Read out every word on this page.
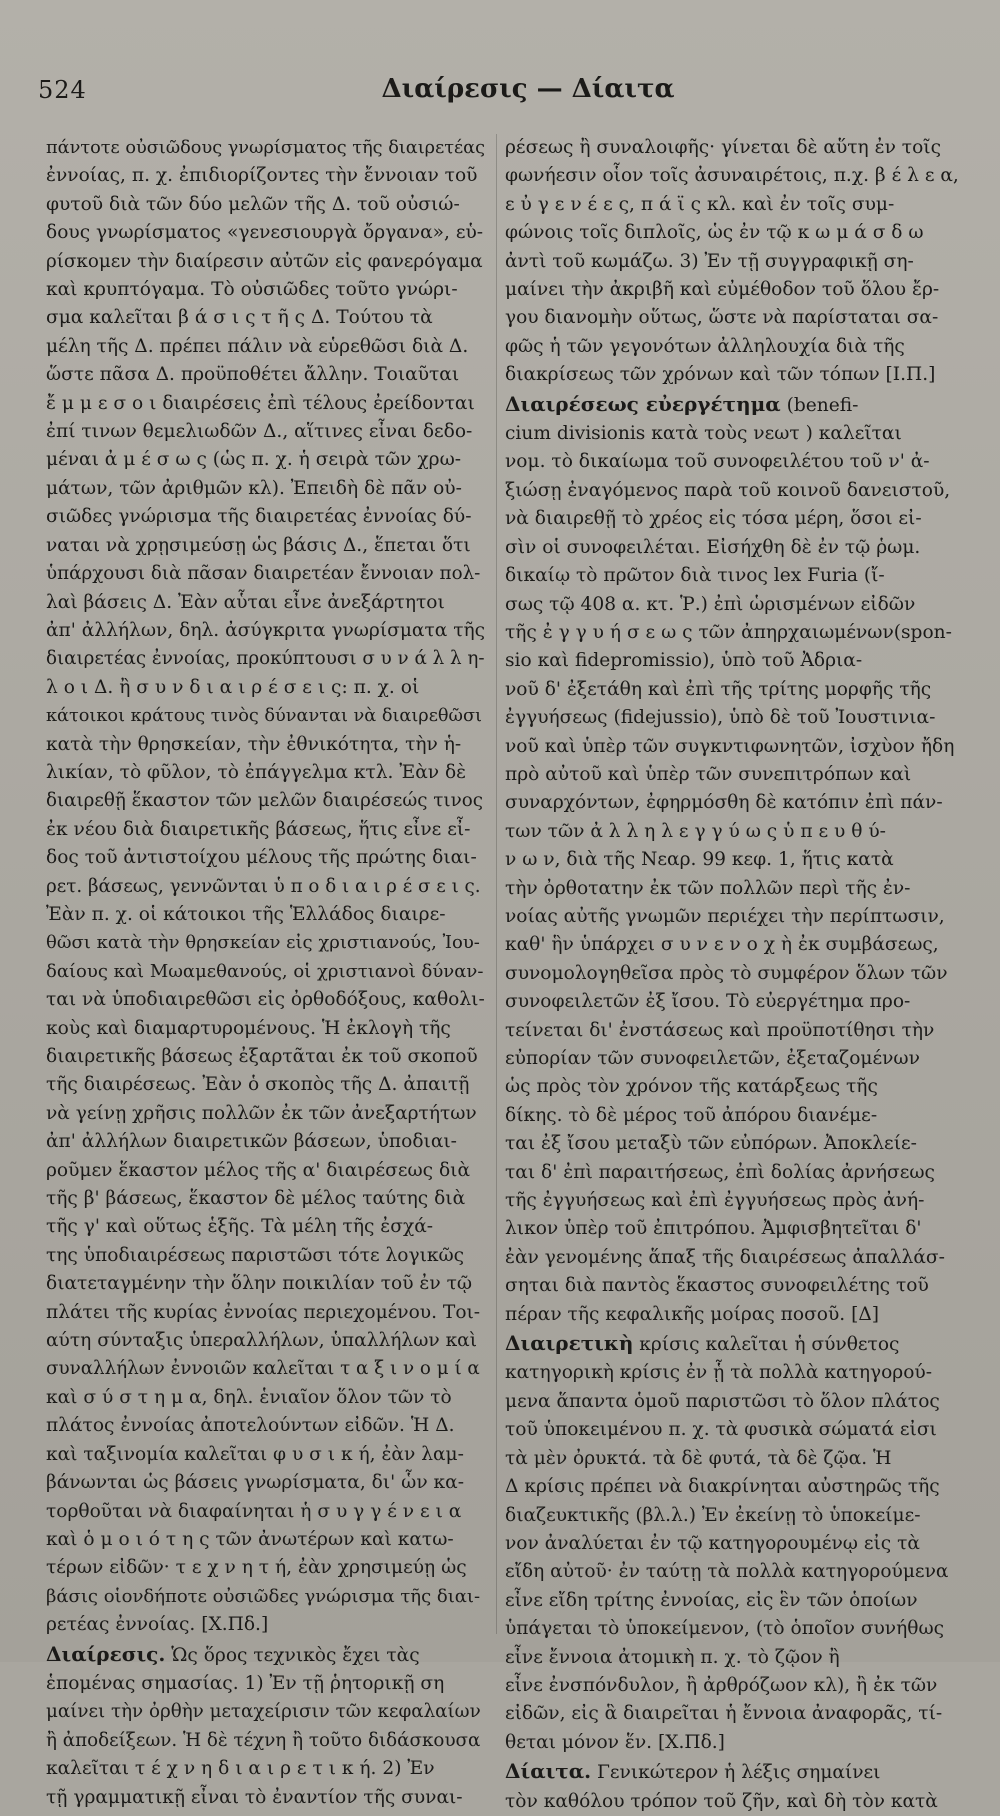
524	Διαίρεσις — Δίαιτα
πάντοτε οὐσιῶδους γνωρίσματος τῆς διαιρετέας
ἐννοίας, π. χ. ἐπιδιορίζοντες τὴν ἔννοιαν τοῦ
φυτοῦ διὰ τῶν δύο μελῶν τῆς Δ. τοῦ οὐσιώ-
δους γνωρίσματος «γενεσιουργὰ ὄργανα», εὑ-
ρίσκομεν τὴν διαίρεσιν αὐτῶν εἰς φανερόγαμα
καὶ κρυπτόγαμα. Τὸ οὐσιῶδες τοῦτο γνώρι-
σμα καλεῖται β ά σ ι ς τ ῆ ς Δ. Τούτου τὰ
μέλη τῆς Δ. πρέπει πάλιν νὰ εὑρεθῶσι διὰ Δ.
ὥστε πᾶσα Δ. προϋποθέτει ἄλλην. Τοιαῦται
ἔ μ μ ε σ ο ι διαιρέσεις ἐπὶ τέλους ἐρείδονται
ἐπί τινων θεμελιωδῶν Δ., αἵτινες εἶναι δεδο-
μέναι ἀ μ έ σ ω ς (ὡς π. χ. ἡ σειρὰ τῶν χρω-
μάτων, τῶν ἀριθμῶν κλ). Ἐπειδὴ δὲ πᾶν οὐ-
σιῶδες γνώρισμα τῆς διαιρετέας ἐννοίας δύ-
ναται νὰ χρῃσιμεύσῃ ὡς βάσις Δ., ἕπεται ὅτι
ὑπάρχουσι διὰ πᾶσαν διαιρετέαν ἔννοιαν πολ-
λαὶ βάσεις Δ. Ἐὰν αὗται εἶνε ἀνεξάρτητοι
ἀπ' ἀλλήλων, δηλ. ἀσύγκριτα γνωρίσματα τῆς
διαιρετέας ἐννοίας, προκύπτουσι σ υ ν ά λ λ η-
λ ο ι Δ. ἢ σ υ ν δ ι α ι ρ έ σ ε ι ς: π. χ. οἱ
κάτοικοι κράτους τινὸς δύνανται νὰ διαιρεθῶσι
κατὰ τὴν θρησκείαν, τὴν ἐθνικότητα, τὴν ἡ-
λικίαν, τὸ φῦλον, τὸ ἐπάγγελμα κτλ. Ἐὰν δὲ
διαιρεθῇ ἕκαστον τῶν μελῶν διαιρέσεώς τινος
ἐκ νέου διὰ διαιρετικῆς βάσεως, ἥτις εἶνε εἶ-
δος τοῦ ἀντιστοίχου μέλους τῆς πρώτης διαι-
ρετ. βάσεως, γεννῶνται ὑ π ο δ ι α ι ρ έ σ ε ι ς.
Ἐὰν π. χ. οἱ κάτοικοι τῆς Ἑλλάδος διαιρε-
θῶσι κατὰ τὴν θρησκείαν εἰς χριστιανούς, Ἰου-
δαίους καὶ Μωαμεθανούς, οἱ χριστιανοὶ δύναν-
ται νὰ ὑποδιαιρεθῶσι εἰς ὀρθοδόξους, καθολι-
κοὺς καὶ διαμαρτυρομένους. Ἡ ἐκλογὴ τῆς
διαιρετικῆς βάσεως ἐξαρτᾶται ἐκ τοῦ σκοποῦ
τῆς διαιρέσεως. Ἐὰν ὁ σκοπὸς τῆς Δ. ἀπαιτῇ
νὰ γείνῃ χρῆσις πολλῶν ἐκ τῶν ἀνεξαρτήτων
ἀπ' ἀλλήλων διαιρετικῶν βάσεων, ὑποδιαι-
ροῦμεν ἕκαστον μέλος τῆς α' διαιρέσεως διὰ
τῆς β' βάσεως, ἕκαστον δὲ μέλος ταύτης διὰ
τῆς γ' καὶ οὕτως ἑξῆς. Τὰ μέλη τῆς ἐσχά-
της ὑποδιαιρέσεως παριστῶσι τότε λογικῶς
διατεταγμένην τὴν ὅλην ποικιλίαν τοῦ ἐν τῷ
πλάτει τῆς κυρίας ἐννοίας περιεχομένου. Τοι-
αύτη σύνταξις ὑπεραλλήλων, ὑπαλλήλων καὶ
συναλλήλων ἐννοιῶν καλεῖται τ α ξ ι ν ο μ ί α
καὶ σ ύ σ τ η μ α, δηλ. ἑνιαῖον ὅλον τῶν τὸ
πλάτος ἐννοίας ἀποτελούντων εἰδῶν. Ἡ Δ.
καὶ ταξινομία καλεῖται φ υ σ ι κ ή, ἐὰν λαμ-
βάνωνται ὡς βάσεις γνωρίσματα, δι' ὧν κα-
τορθοῦται νὰ διαφαίνηται ἡ σ υ γ γ έ ν ε ι α
καὶ ὁ μ ο ι ό τ η ς τῶν ἀνωτέρων καὶ κατω-
τέρων εἰδῶν· τ ε χ ν η τ ή, ἐὰν χρησιμεύῃ ὡς
βάσις οἱονδήποτε οὐσιῶδες γνώρισμα τῆς διαι-
ρετέας ἐννοίας. [Χ.Πδ.]
Διαίρεσις. Ὡς ὅρος τεχνικὸς ἔχει τὰς
ἑπομένας σημασίας. 1) Ἐν τῇ ῥητορικῇ ση
μαίνει τὴν ὀρθὴν μεταχείρισιν τῶν κεφαλαίων
ἢ ἀποδείξεων. Ἡ δὲ τέχνη ἢ τοῦτο διδάσκουσα
καλεῖται τ έ χ ν η δ ι α ι ρ ε τ ι κ ή. 2) Ἐν
τῇ γραμματικῇ εἶναι τὸ ἐναντίον τῆς συναι-
ρέσεως ἢ συναλοιφῆς· γίνεται δὲ αὕτη ἐν τοῖς
φωνήεσιν οἷον τοῖς ἀσυναιρέτοις, π.χ. β έ λ ε α,
ε ὐ γ ε ν έ ε ς, π ά ϊ ς κλ. καὶ ἐν τοῖς συμ-
φώνοις τοῖς διπλοῖς, ὡς ἐν τῷ κ ω μ ά σ δ ω
ἀντὶ τοῦ κωμάζω. 3) Ἐν τῇ συγγραφικῇ ση-
μαίνει τὴν ἀκριβῆ καὶ εὐμέθοδον τοῦ ὅλου ἔρ-
γου διανομὴν οὕτως, ὥστε νὰ παρίσταται σα-
φῶς ἡ τῶν γεγονότων ἀλληλουχία διὰ τῆς
διακρίσεως τῶν χρόνων καὶ τῶν τόπων [Ι.Π.]
Διαιρέσεως εὐεργέτημα (benefi-
cium divisionis κατὰ τοὺς νεωτ ) καλεῖται
νομ. τὸ δικαίωμα τοῦ συνοφειλέτου τοῦ ν' ἀ-
ξιώσῃ ἐναγόμενος παρὰ τοῦ κοινοῦ δανειστοῦ,
νὰ διαιρεθῇ τὸ χρέος εἰς τόσα μέρη, ὅσοι εἰ-
σὶν οἱ συνοφειλέται. Εἰσήχθη δὲ ἐν τῷ ῥωμ.
δικαίῳ τὸ πρῶτον διὰ τινος lex Furia (ἴ-
σως τῷ 408 α. κτ. Ῥ.) ἐπὶ ὡρισμένων εἰδῶν
τῆς ἐ γ γ υ ή σ ε ω ς τῶν ἀπηρχαιωμένων(spon-
sio καὶ fidepromissio), ὑπὸ τοῦ Ἀδρια-
νοῦ δ' ἐξετάθη καὶ ἐπὶ τῆς τρίτης μορφῆς τῆς
ἐγγυήσεως (fidejussio), ὑπὸ δὲ τοῦ Ἰουστινια-
νοῦ καὶ ὑπὲρ τῶν συγκντιφωνητῶν, ἰσχὺον ἤδη
πρὸ αὐτοῦ καὶ ὑπὲρ τῶν συνεπιτρόπων καὶ
συναρχόντων, ἐφηρμόσθη δὲ κατόπιν ἐπὶ πάν-
των τῶν ἀ λ λ η λ ε γ γ ύ ω ς ὑ π ε υ θ ύ-
ν ω ν, διὰ τῆς Νεαρ. 99 κεφ. 1, ἥτις κατὰ
τὴν ὀρθοτατην ἐκ τῶν πολλῶν περὶ τῆς ἐν-
νοίας αὐτῆς γνωμῶν περιέχει τὴν περίπτωσιν,
καθ' ἣν ὑπάρχει σ υ ν ε ν ο χ ὴ ἐκ συμβάσεως,
συνομολογηθεῖσα πρὸς τὸ συμφέρον ὅλων τῶν
συνοφειλετῶν ἐξ ἴσου. Τὸ εὐεργέτημα προ-
τείνεται δι' ἐνστάσεως καὶ προϋποτίθησι τὴν
εὐπορίαν τῶν συνοφειλετῶν, ἐξεταζομένων
ὡς πρὸς τὸν χρόνον τῆς κατάρξεως τῆς
δίκης. τὸ δὲ μέρος τοῦ ἀπόρου διανέμε-
ται ἐξ ἴσου μεταξὺ τῶν εὐπόρων. Ἀποκλείε-
ται δ' ἐπὶ παραιτήσεως, ἐπὶ δολίας ἀρνήσεως
τῆς ἐγγυήσεως καὶ ἐπὶ ἐγγυήσεως πρὸς ἀνή-
λικον ὑπὲρ τοῦ ἐπιτρόπου. Ἀμφισβητεῖται δ'
ἐὰν γενομένης ἅπαξ τῆς διαιρέσεως ἀπαλλάσ-
σηται διὰ παντὸς ἕκαστος συνοφειλέτης τοῦ
πέραν τῆς κεφαλικῆς μοίρας ποσοῦ. [Δ]
Διαιρετικὴ κρίσις καλεῖται ἡ σύνθετος
κατηγορικὴ κρίσις ἐν ᾗ τὰ πολλὰ κατηγορού-
μενα ἅπαντα ὁμοῦ παριστῶσι τὸ ὅλον πλάτος
τοῦ ὑποκειμένου π. χ. τὰ φυσικὰ σώματά εἰσι
τὰ μὲν ὀρυκτά. τὰ δὲ φυτά, τὰ δὲ ζῷα. Ἡ
Δ κρίσις πρέπει νὰ διακρίνηται αὐστηρῶς τῆς
διαζευκτικῆς (βλ.λ.) Ἐν ἐκείνῃ τὸ ὑποκείμε-
νον ἀναλύεται ἐν τῷ κατηγορουμένῳ εἰς τὰ
εἴδη αὐτοῦ· ἐν ταύτῃ τὰ πολλὰ κατηγορούμενα
εἶνε εἴδη τρίτης ἐννοίας, εἰς ἓν τῶν ὁποίων
ὑπάγεται τὸ ὑποκείμενον, (τὸ ὁποῖον συνήθως
εἶνε ἔννοια ἀτομικὴ π. χ. τὸ ζῷον ἢ
εἶνε ἐνσπόνδυλον, ἢ ἀρθρόζωον κλ), ἢ ἐκ τῶν
εἰδῶν, εἰς ἃ διαιρεῖται ἡ ἔννοια ἀναφορᾶς, τί-
θεται μόνον ἕν. [Χ.Πδ.]
Δίαιτα. Γενικώτερον ἡ λέξις σημαίνει
τὸν καθόλου τρόπον τοῦ ζῆν, καὶ δὴ τὸν κατὰ
